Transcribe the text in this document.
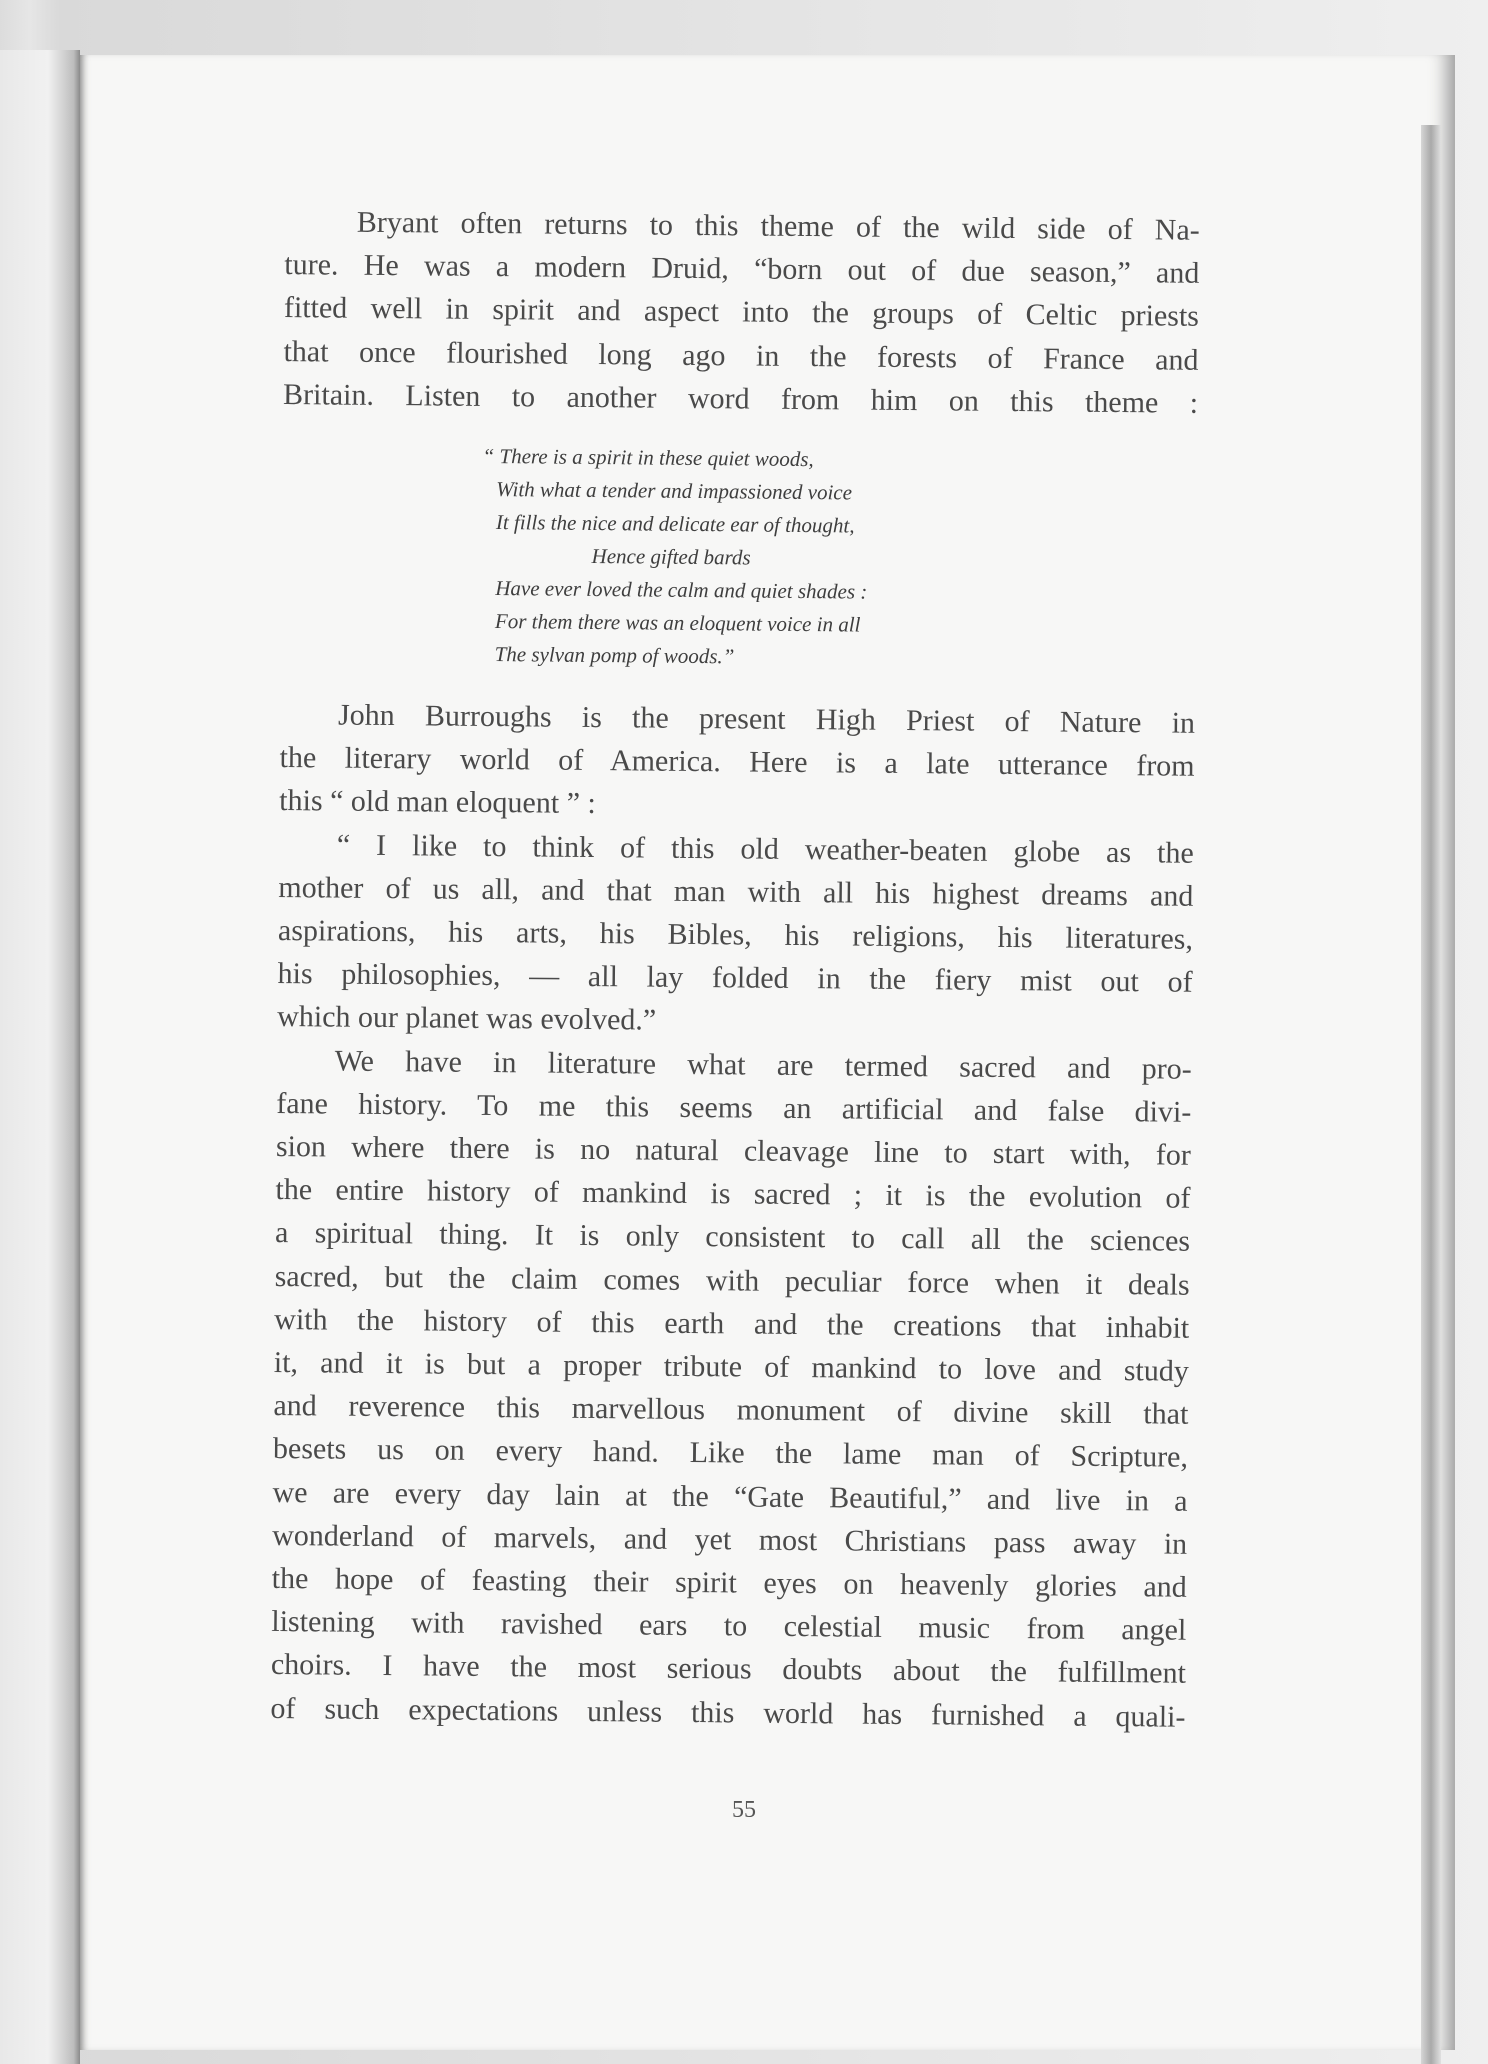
Bryant often returns to this theme of the wild side of Na-
ture. He was a modern Druid, “born out of due season,” and
fitted well in spirit and aspect into the groups of Celtic priests
that once flourished long ago in the forests of France and
Britain. Listen to another word from him on this theme :
“ There is a spirit in these quiet woods,
With what a tender and impassioned voice
It fills the nice and delicate ear of thought,
Hence gifted bards
Have ever loved the calm and quiet shades :
For them there was an eloquent voice in all
The sylvan pomp of woods.”
John Burroughs is the present High Priest of Nature in
the literary world of America. Here is a late utterance from
this “ old man eloquent ” :
“ I like to think of this old weather-beaten globe as the
mother of us all, and that man with all his highest dreams and
aspirations, his arts, his Bibles, his religions, his literatures,
his philosophies, — all lay folded in the fiery mist out of
which our planet was evolved.”
We have in literature what are termed sacred and pro-
fane history. To me this seems an artificial and false divi-
sion where there is no natural cleavage line to start with, for
the entire history of mankind is sacred ; it is the evolution of
a spiritual thing. It is only consistent to call all the sciences
sacred, but the claim comes with peculiar force when it deals
with the history of this earth and the creations that inhabit
it, and it is but a proper tribute of mankind to love and study
and reverence this marvellous monument of divine skill that
besets us on every hand. Like the lame man of Scripture,
we are every day lain at the “Gate Beautiful,” and live in a
wonderland of marvels, and yet most Christians pass away in
the hope of feasting their spirit eyes on heavenly glories and
listening with ravished ears to celestial music from angel
choirs. I have the most serious doubts about the fulfillment
of such expectations unless this world has furnished a quali-
55
